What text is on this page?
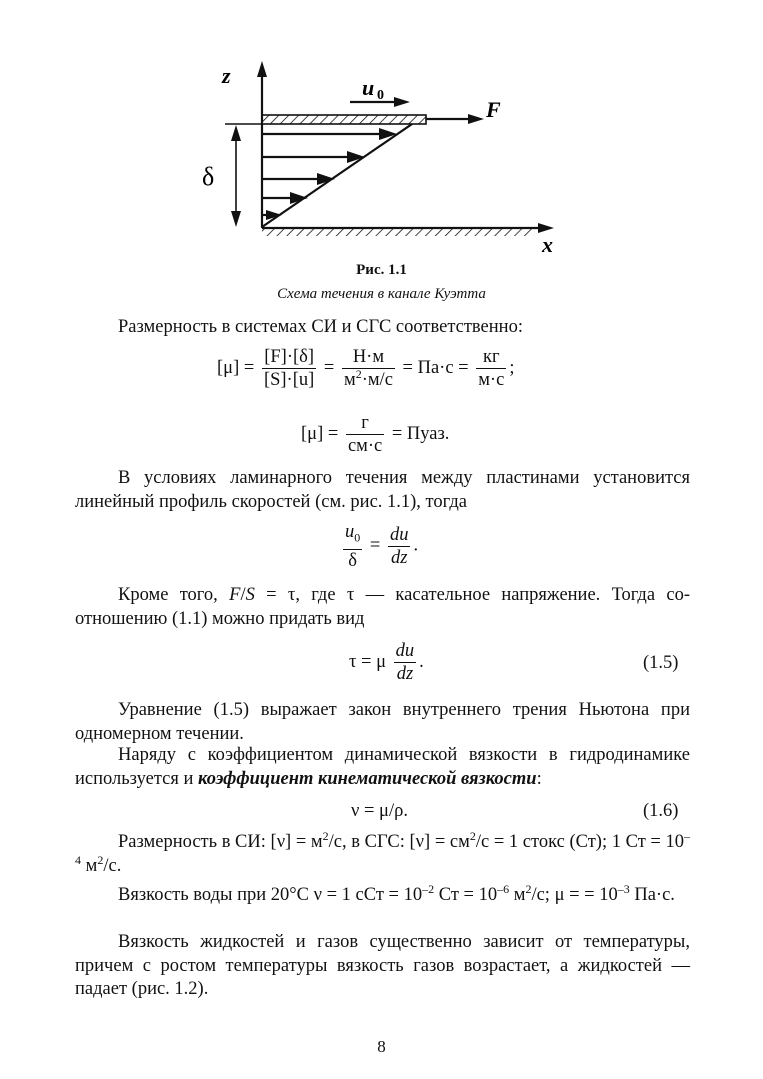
z	u 0
F
δ
x
Рис. 1.1
Схема течения в канале Куэтта
Размерность в системах СИ и СГС соответственно:
$[\mu] = \frac{[F]\cdot[\delta]}{[S]\cdot[u]} = \frac{Н\cdot м}{м^2\cdot м/с} = Па\cdot с = \frac{кг}{м\cdot с}$ ;
$[\mu] = \frac{г}{см\cdot с}$ = Пуаз.
В условиях ламинарного течения между пластинами установится линейный профиль скоростей (см. рис. 1.1), тогда
$\frac{u_0}{\delta} = \frac{du}{dz}$ .
Кроме того, F/S = τ, где τ — касательное напряжение. Тогда соотношению (1.1) можно придать вид
τ = μ $\frac{du}{dz}$ .	(1.5)
Уравнение (1.5) выражает закон внутреннего трения Ньютона при одномерном течении.
Наряду с коэффициентом динамической вязкости в гидродинамике используется и коэффициент кинематической вязкости:
ν = μ/ρ.	(1.6)
Размерность в СИ: $[\nu] = м^2/с$, в СГС: $[\nu] = см^2/с = 1$ стокс (Ст); 1 Ст = $10^{-4}$ $м^2/с$.
Вязкость воды при 20°С ν = 1 сСт = $10^{-2}$ Ст = $10^{-6}$ $м^2/с$; μ = = $10^{-3}$ Па·с.
Вязкость жидкостей и газов существенно зависит от температуры, причем с ростом температуры вязкость газов возрастает, а жидкостей — падает (рис. 1.2).
8
